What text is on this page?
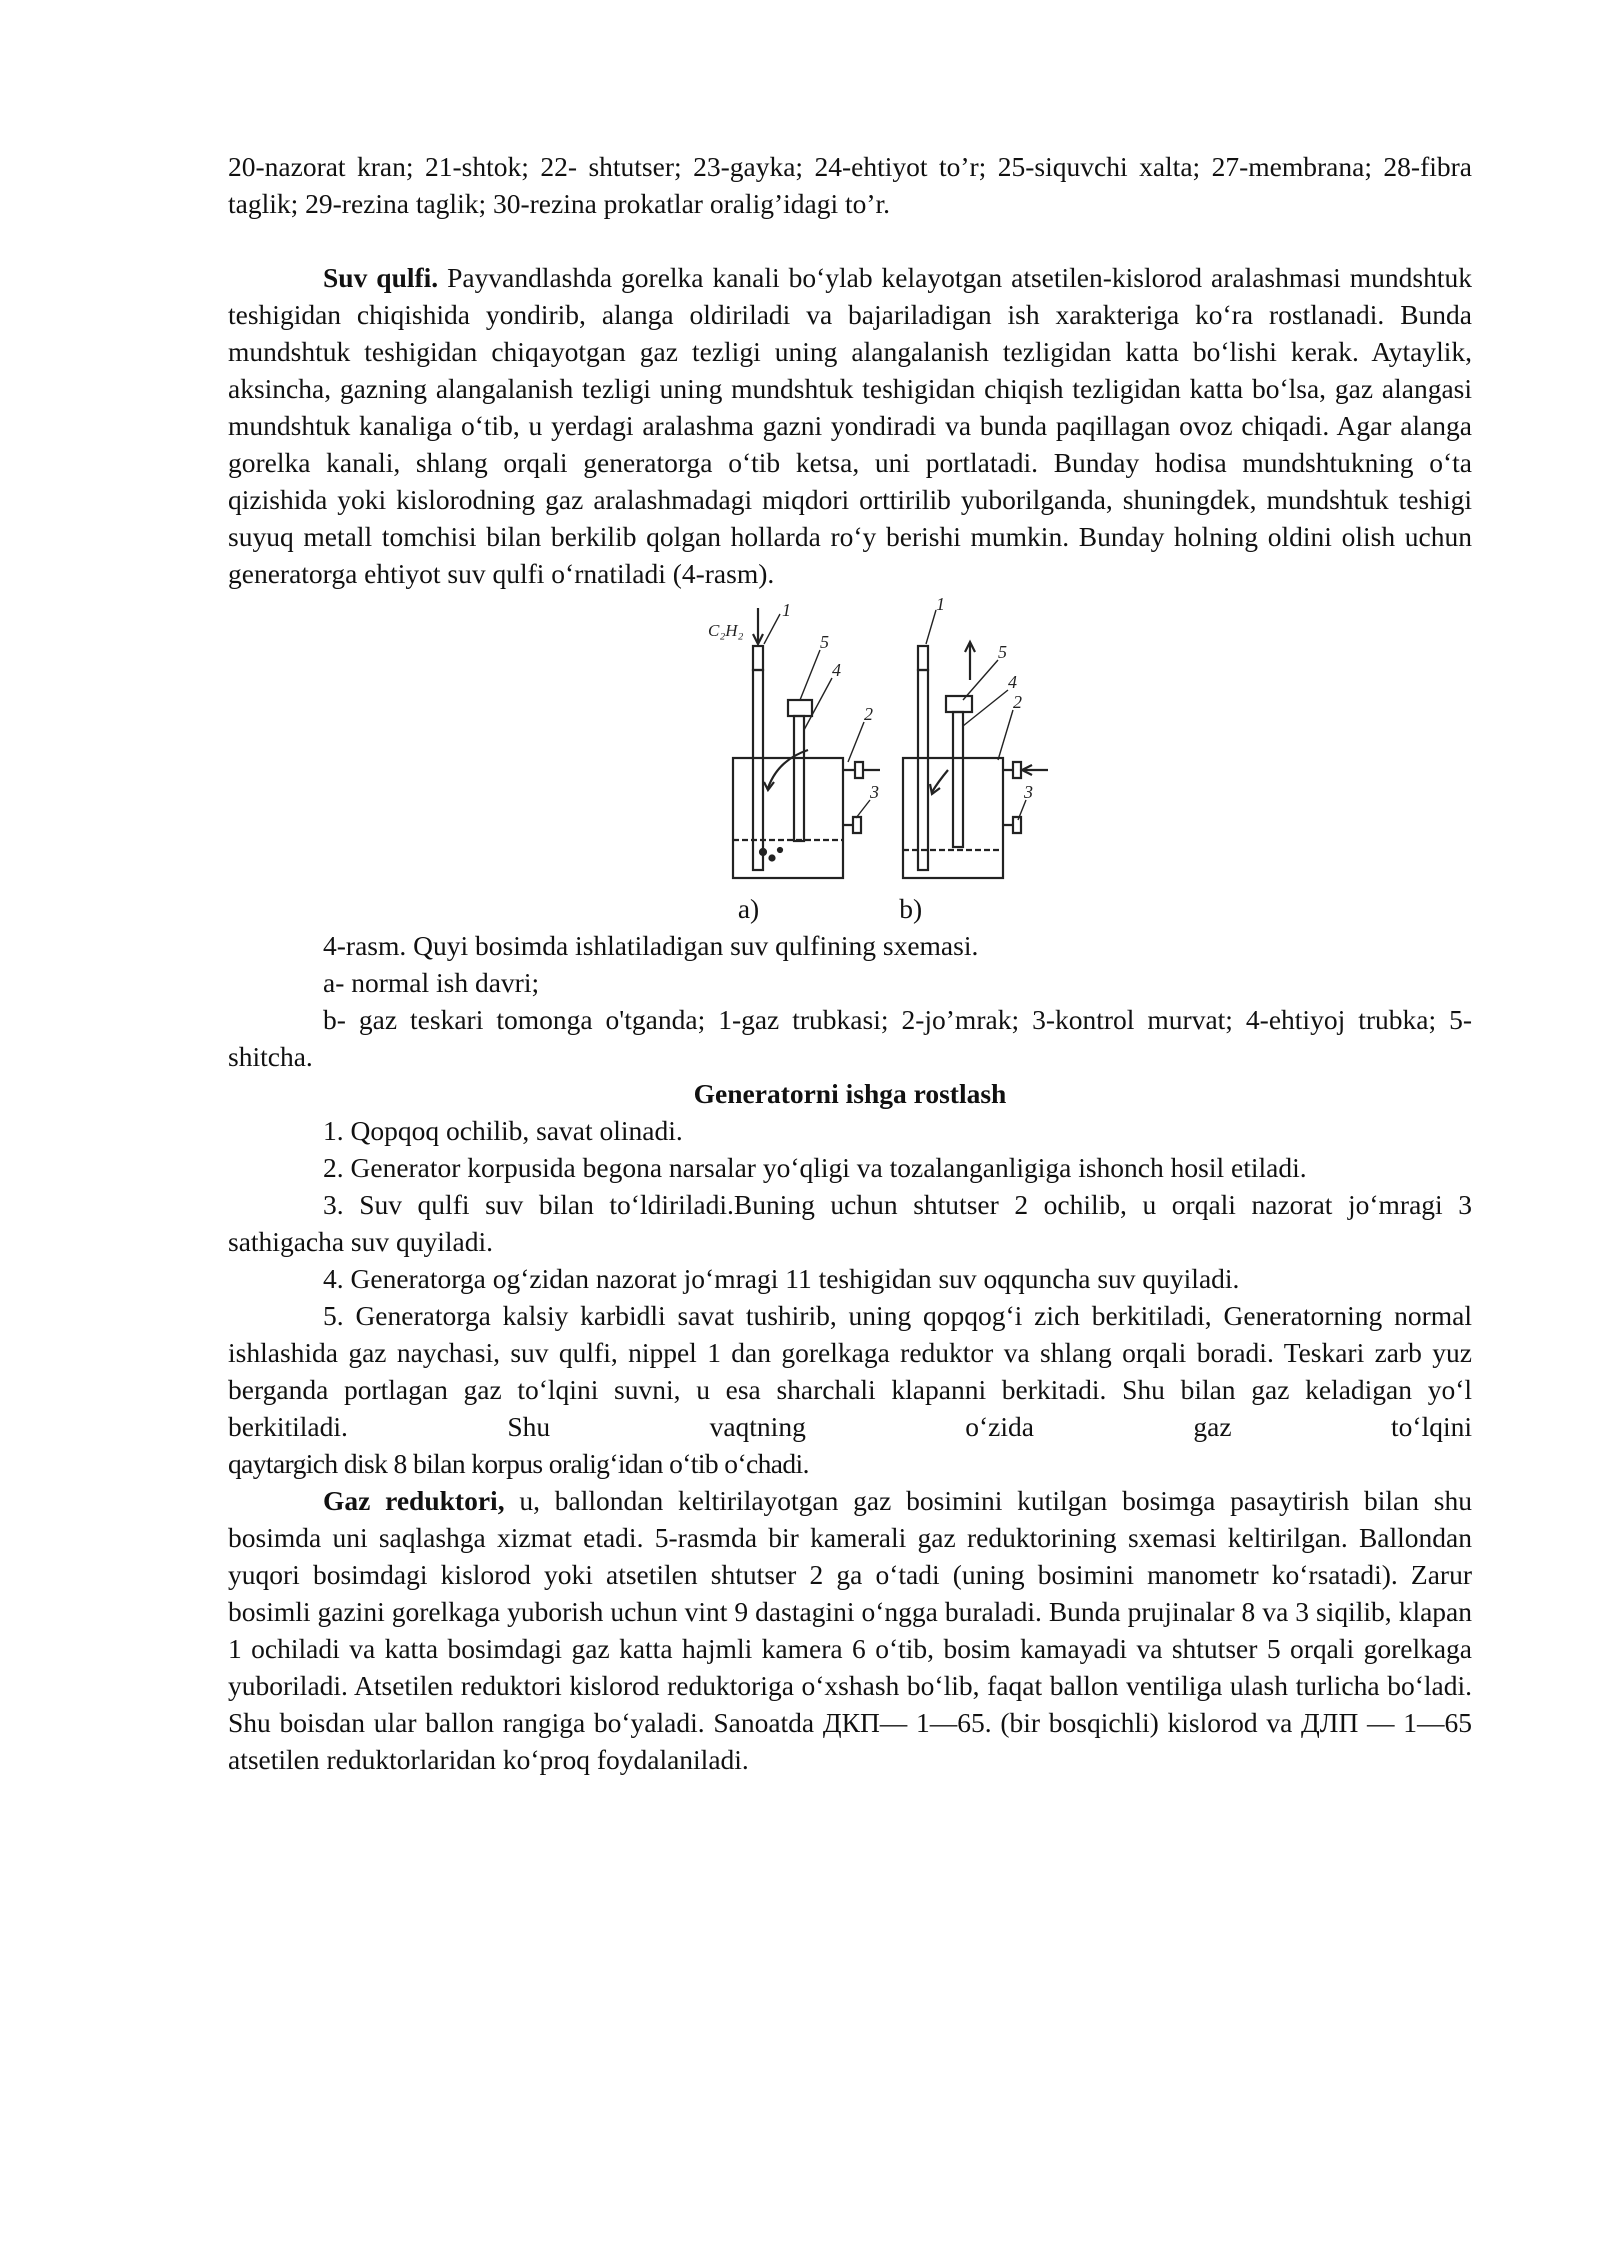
20-nazorat kran; 21-shtok; 22- shtutser; 23-gayka; 24-ehtiyot to’r; 25-siquvchi xalta; 27-membrana; 28-fibra taglik; 29-rezina taglik; 30-rezina prokatlar oralig’idagi to’r.

Suv qulfi. Payvandlashda gorelka kanali bo‘ylab kelayotgan atsetilen-kislorod aralashmasi mundshtuk teshigidan chiqishida yondirib, alanga oldiriladi va bajariladigan ish xarakteriga ko‘ra rostlanadi. Bunda mundshtuk teshigidan chiqayotgan gaz tezligi uning alangalanish tezligidan katta bo‘lishi kerak. Aytaylik, aksincha, gazning alangalanish tezligi uning mundshtuk teshigidan chiqish tezligidan katta bo‘lsa, gaz alangasi mundshtuk kanaliga o‘tib, u yerdagi aralashma gazni yondiradi va bunda paqillagan ovoz chiqadi. Agar alanga gorelka kanali, shlang orqali generatorga o‘tib ketsa, uni portlatadi. Bunday hodisa mundshtukning o‘ta qizishida yoki kislorodning gaz aralashmadagi miqdori orttirilib yuborilganda, shuningdek, mundshtuk teshigi suyuq metall tomchisi bilan berkilib qolgan hollarda ro‘y berishi mumkin. Bunday holning oldini olish uchun generatorga ehtiyot suv qulfi o‘rnatiladi (4-rasm).

C₂H₂
1
5
4
2
3
1
5
4
2
3
a)	b)

4-rasm. Quyi bosimda ishlatiladigan suv qulfining sxemasi.

a- normal ish davri;

b- gaz teskari tomonga o'tganda; 1-gaz trubkasi; 2-jo’mrak; 3-kontrol murvat; 4-ehtiyoj trubka; 5-shitcha.

Generatorni ishga rostlash

1. Qopqoq ochilib, savat olinadi.

2. Generator korpusida begona narsalar yo‘qligi va tozalanganligiga ishonch hosil etiladi.

3. Suv qulfi suv bilan to‘ldiriladi.Buning uchun shtutser 2 ochilib, u orqali nazorat jo‘mragi 3 sathigacha suv quyiladi.

4. Generatorga og‘zidan nazorat jo‘mragi 11 teshigidan suv oqquncha suv quyiladi.

5. Generatorga kalsiy karbidli savat tushirib, uning qopqog‘i zich berkitiladi, Generatorning normal ishlashida gaz naychasi, suv qulfi, nippel 1 dan gorelkaga reduktor va shlang orqali boradi. Teskari zarb yuz berganda portlagan gaz to‘lqini suvni, u esa sharchali klapanni berkitadi. Shu bilan gaz keladigan yo‘l berkitiladi. Shu vaqtning o‘zida gaz to‘lqini

qaytargich disk 8 bilan korpus oralig‘idan o‘tib o‘chadi.

Gaz reduktori, u, ballondan keltirilayotgan gaz bosimini kutilgan bosimga pasaytirish bilan shu bosimda uni saqlashga xizmat etadi. 5-rasmda bir kamerali gaz reduktorining sxemasi keltirilgan. Ballondan yuqori bosimdagi kislorod yoki atsetilen shtutser 2 ga o‘tadi (uning bosimini manometr ko‘rsatadi). Zarur bosimli gazini gorelkaga yuborish uchun vint 9 dastagini o‘ngga buraladi. Bunda prujinalar 8 va 3 siqilib, klapan 1 ochiladi va katta bosimdagi gaz katta hajmli kamera 6 o‘tib, bosim kamayadi va shtutser 5 orqali gorelkaga yuboriladi. Atsetilen reduktori kislorod reduktoriga o‘xshash bo‘lib, faqat ballon ventiliga ulash turlicha bo‘ladi. Shu boisdan ular ballon rangiga bo‘yaladi. Sanoatda ДКП— 1—65. (bir bosqichli) kislorod va ДЛП — 1—65 atsetilen reduktorlaridan ko‘proq foydalaniladi.
